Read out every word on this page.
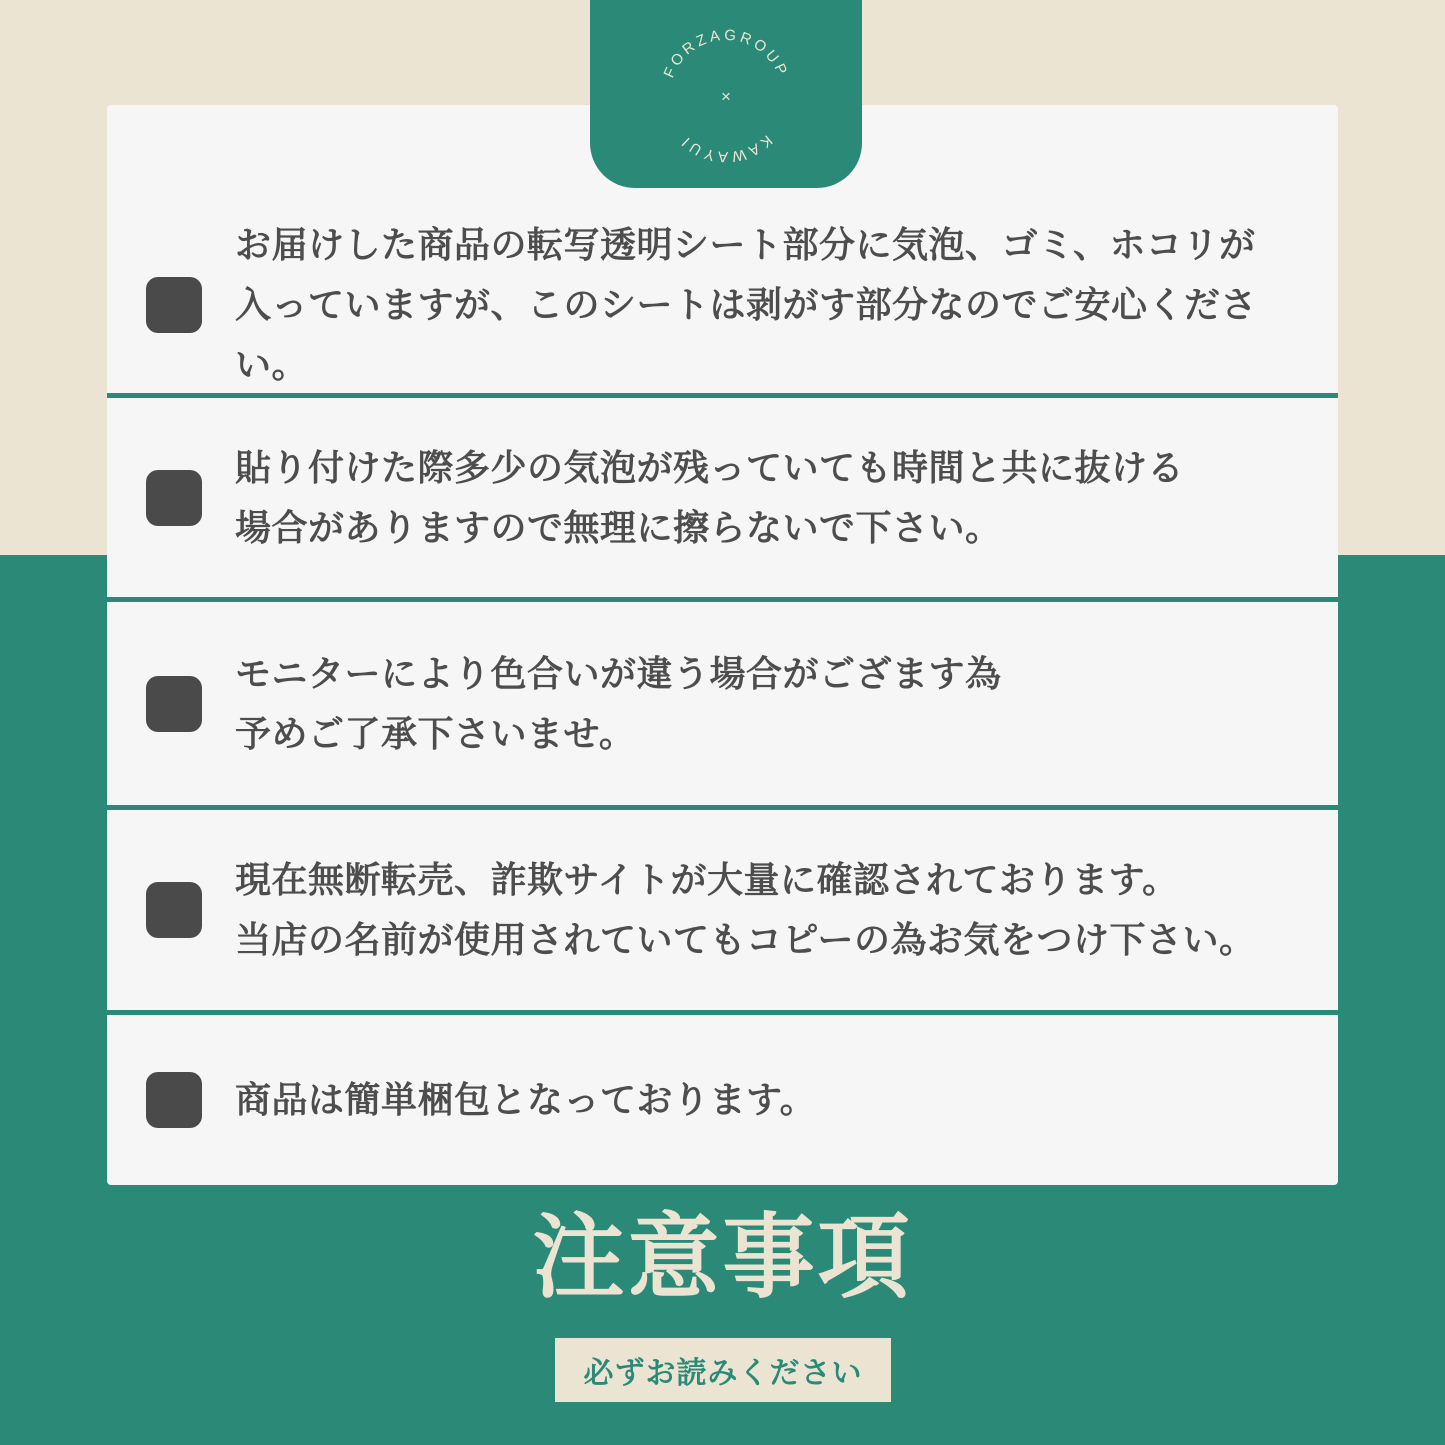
お届けした商品の転写透明シート部分に気泡、ゴミ、ホコリが
入っていますが、このシートは剥がす部分なのでご安心ください。

貼り付けた際多少の気泡が残っていても時間と共に抜ける
場合がありますので無理に擦らないで下さい。

モニターにより色合いが違う場合がござます為
予めご了承下さいませ。

現在無断転売、詐欺サイトが大量に確認されております。
当店の名前が使用されていてもコピーの為お気をつけ下さい。

商品は簡単梱包となっております。

FORZAGROUP
KAWAYUI
×
注意事項
必ずお読みください
